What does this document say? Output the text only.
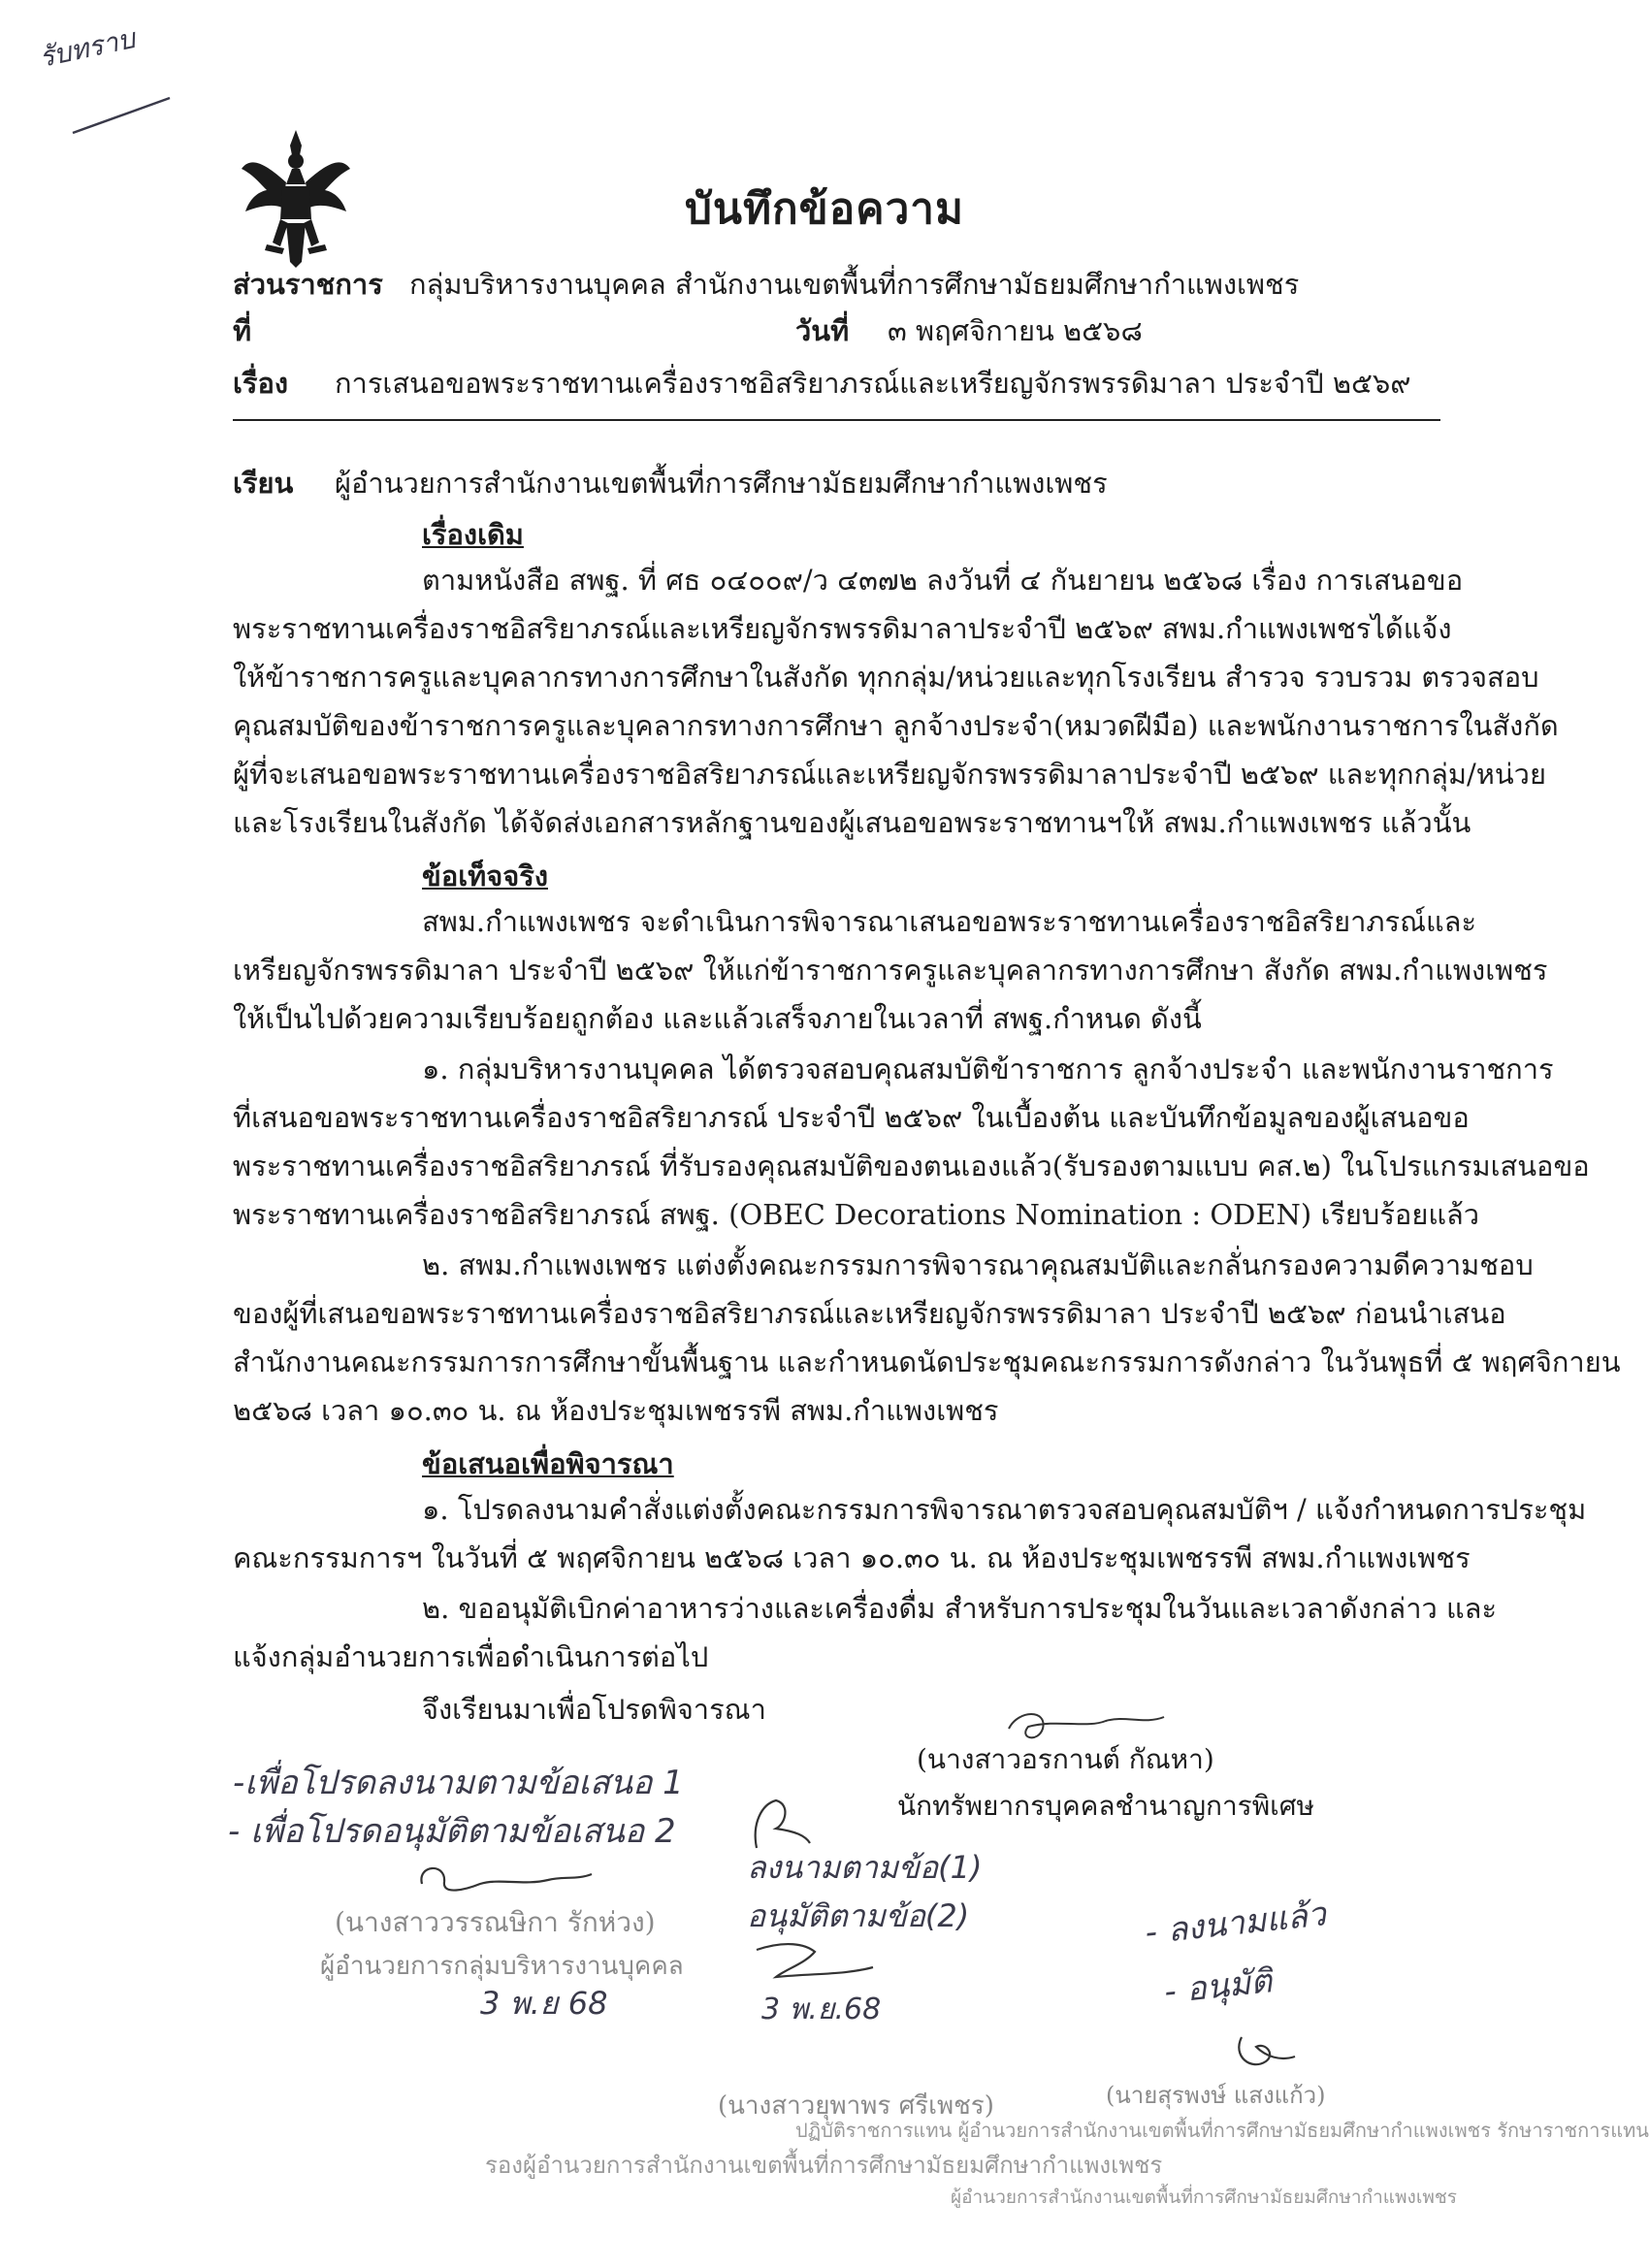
รับทราบ
บันทึกข้อความ
ส่วนราชการ กลุ่มบริหารงานบุคคล สำนักงานเขตพื้นที่การศึกษามัธยมศึกษากำแพงเพชร
ที่	วันที่ ๓ พฤศจิกายน ๒๕๖๘
เรื่อง การเสนอขอพระราชทานเครื่องราชอิสริยาภรณ์และเหรียญจักรพรรดิมาลา ประจำปี ๒๕๖๙
เรียน ผู้อำนวยการสำนักงานเขตพื้นที่การศึกษามัธยมศึกษากำแพงเพชร
เรื่องเดิม
ตามหนังสือ สพฐ. ที่ ศธ ๐๔๐๐๙/ว ๔๓๗๒ ลงวันที่ ๔ กันยายน ๒๕๖๘ เรื่อง การเสนอขอ
พระราชทานเครื่องราชอิสริยาภรณ์และเหรียญจักรพรรดิมาลาประจำปี ๒๕๖๙ สพม.กำแพงเพชรได้แจ้ง
ให้ข้าราชการครูและบุคลากรทางการศึกษาในสังกัด ทุกกลุ่ม/หน่วยและทุกโรงเรียน สำรวจ รวบรวม ตรวจสอบ
คุณสมบัติของข้าราชการครูและบุคลากรทางการศึกษา ลูกจ้างประจำ(หมวดฝีมือ) และพนักงานราชการในสังกัด
ผู้ที่จะเสนอขอพระราชทานเครื่องราชอิสริยาภรณ์และเหรียญจักรพรรดิมาลาประจำปี ๒๕๖๙ และทุกกลุ่ม/หน่วย
และโรงเรียนในสังกัด ได้จัดส่งเอกสารหลักฐานของผู้เสนอขอพระราชทานฯให้ สพม.กำแพงเพชร แล้วนั้น
ข้อเท็จจริง
สพม.กำแพงเพชร จะดำเนินการพิจารณาเสนอขอพระราชทานเครื่องราชอิสริยาภรณ์และ
เหรียญจักรพรรดิมาลา ประจำปี ๒๕๖๙ ให้แก่ข้าราชการครูและบุคลากรทางการศึกษา สังกัด สพม.กำแพงเพชร
ให้เป็นไปด้วยความเรียบร้อยถูกต้อง และแล้วเสร็จภายในเวลาที่ สพฐ.กำหนด ดังนี้
๑. กลุ่มบริหารงานบุคคล ได้ตรวจสอบคุณสมบัติข้าราชการ ลูกจ้างประจำ และพนักงานราชการ
ที่เสนอขอพระราชทานเครื่องราชอิสริยาภรณ์ ประจำปี ๒๕๖๙ ในเบื้องต้น และบันทึกข้อมูลของผู้เสนอขอ
พระราชทานเครื่องราชอิสริยาภรณ์ ที่รับรองคุณสมบัติของตนเองแล้ว(รับรองตามแบบ คส.๒) ในโปรแกรมเสนอขอ
พระราชทานเครื่องราชอิสริยาภรณ์ สพฐ. (OBEC Decorations Nomination : ODEN) เรียบร้อยแล้ว
๒. สพม.กำแพงเพชร แต่งตั้งคณะกรรมการพิจารณาคุณสมบัติและกลั่นกรองความดีความชอบ
ของผู้ที่เสนอขอพระราชทานเครื่องราชอิสริยาภรณ์และเหรียญจักรพรรดิมาลา ประจำปี ๒๕๖๙ ก่อนนำเสนอ
สำนักงานคณะกรรมการการศึกษาขั้นพื้นฐาน และกำหนดนัดประชุมคณะกรรมการดังกล่าว ในวันพุธที่ ๕ พฤศจิกายน
๒๕๖๘ เวลา ๑๐.๓๐ น. ณ ห้องประชุมเพชรรพี สพม.กำแพงเพชร
ข้อเสนอเพื่อพิจารณา
๑. โปรดลงนามคำสั่งแต่งตั้งคณะกรรมการพิจารณาตรวจสอบคุณสมบัติฯ / แจ้งกำหนดการประชุม
คณะกรรมการฯ ในวันที่ ๕ พฤศจิกายน ๒๕๖๘ เวลา ๑๐.๓๐ น. ณ ห้องประชุมเพชรรพี สพม.กำแพงเพชร
๒. ขออนุมัติเบิกค่าอาหารว่างและเครื่องดื่ม สำหรับการประชุมในวันและเวลาดังกล่าว และ
แจ้งกลุ่มอำนวยการเพื่อดำเนินการต่อไป
จึงเรียนมาเพื่อโปรดพิจารณา
(นางสาวอรกานต์ กัณหา)
นักทรัพยากรบุคคลชำนาญการพิเศษ
-เพื่อโปรดลงนามตามข้อเสนอ 1
- เพื่อโปรดอนุมัติตามข้อเสนอ 2
(นางสาววรรณษิกา รักห่วง)
ผู้อำนวยการกลุ่มบริหารงานบุคคล
3 พ.ย 68
ลงนามตามข้อ(1)
อนุมัติตามข้อ(2)
3 พ.ย.68
- ลงนามแล้ว
- อนุมัติ
(นางสาวยุพาพร ศรีเพชร)	(นายสุรพงษ์ แสงแก้ว)
ปฏิบัติราชการแทน ผู้อำนวยการสำนักงานเขตพื้นที่การศึกษามัธยมศึกษากำแพงเพชร รักษาราชการแทน
รองผู้อำนวยการสำนักงานเขตพื้นที่การศึกษามัธยมศึกษากำแพงเพชร
ผู้อำนวยการสำนักงานเขตพื้นที่การศึกษามัธยมศึกษากำแพงเพชร
